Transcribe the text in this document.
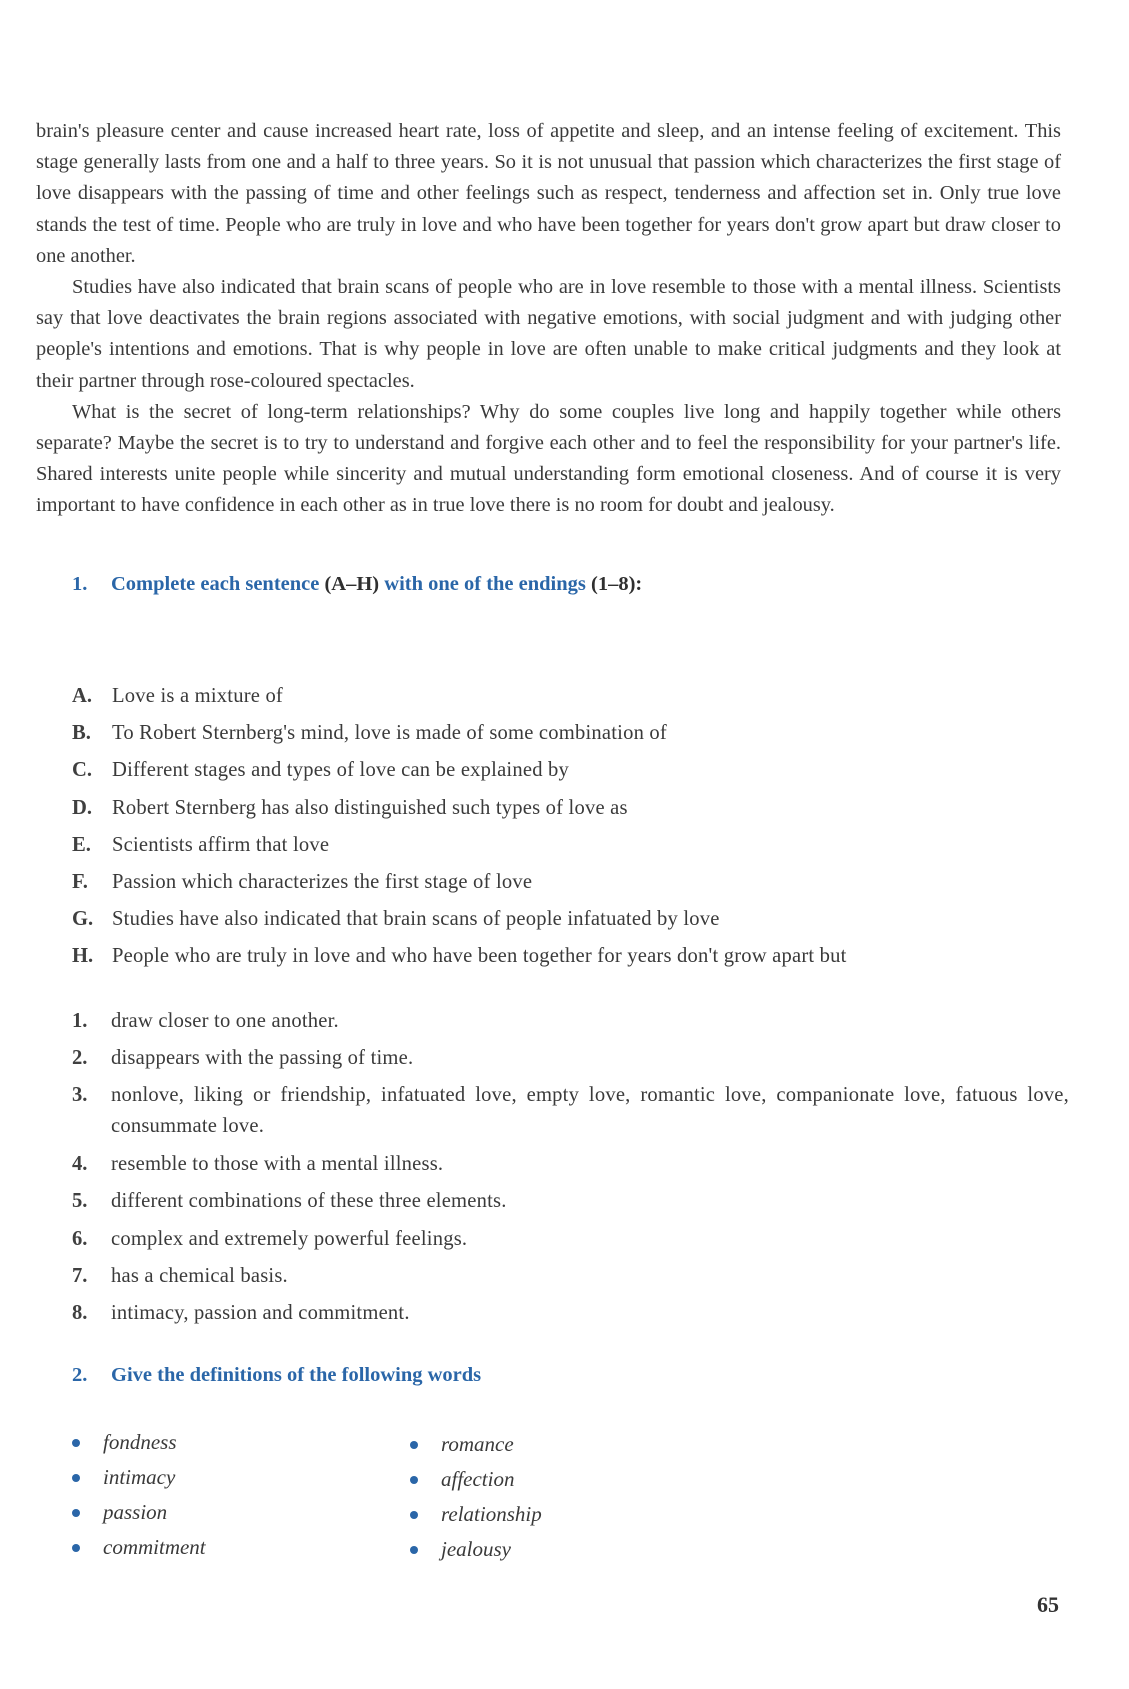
brain's pleasure center and cause increased heart rate, loss of appetite and sleep, and an intense feeling of excitement. This stage generally lasts from one and a half to three years. So it is not unusual that passion which characterizes the first stage of love disappears with the passing of time and other feelings such as respect, tenderness and affection set in. Only true love stands the test of time. People who are truly in love and who have been together for years don't grow apart but draw closer to one another.

Studies have also indicated that brain scans of people who are in love resemble to those with a mental illness. Scientists say that love deactivates the brain regions associated with negative emotions, with social judgment and with judging other people's intentions and emotions. That is why people in love are often unable to make critical judgments and they look at their partner through rose-coloured spectacles.

What is the secret of long-term relationships? Why do some couples live long and happily together while others separate? Maybe the secret is to try to understand and forgive each other and to feel the responsibility for your partner's life. Shared interests unite people while sincerity and mutual understanding form emotional closeness. And of course it is very important to have confidence in each other as in true love there is no room for doubt and jealousy.

1. Complete each sentence (A–H) with one of the endings (1–8):
A. Love is a mixture of
B.	To Robert Sternberg's mind, love is made of some combination of
C. Different stages and types of love can be explained by
D. Robert Sternberg has also distinguished such types of love as
E.	Scientists affirm that love
F.	Passion which characterizes the first stage of love
G. Studies have also indicated that brain scans of people infatuated by love
H. People who are truly in love and who have been together for years don't grow apart but
1.	draw closer to one another.
2.	disappears with the passing of time.
3.	nonlove, liking or friendship, infatuated love, empty love, romantic love, companionate love, fatuous love, consummate love.
4.	resemble to those with a mental illness.
5.	different combinations of these three elements.
6.	complex and extremely powerful feelings.
7.	has a chemical basis.
8.	intimacy, passion and commitment.
2. Give the definitions of the following words
fondness
intimacy
passion
commitment
romance
affection
relationship
jealousy
65
